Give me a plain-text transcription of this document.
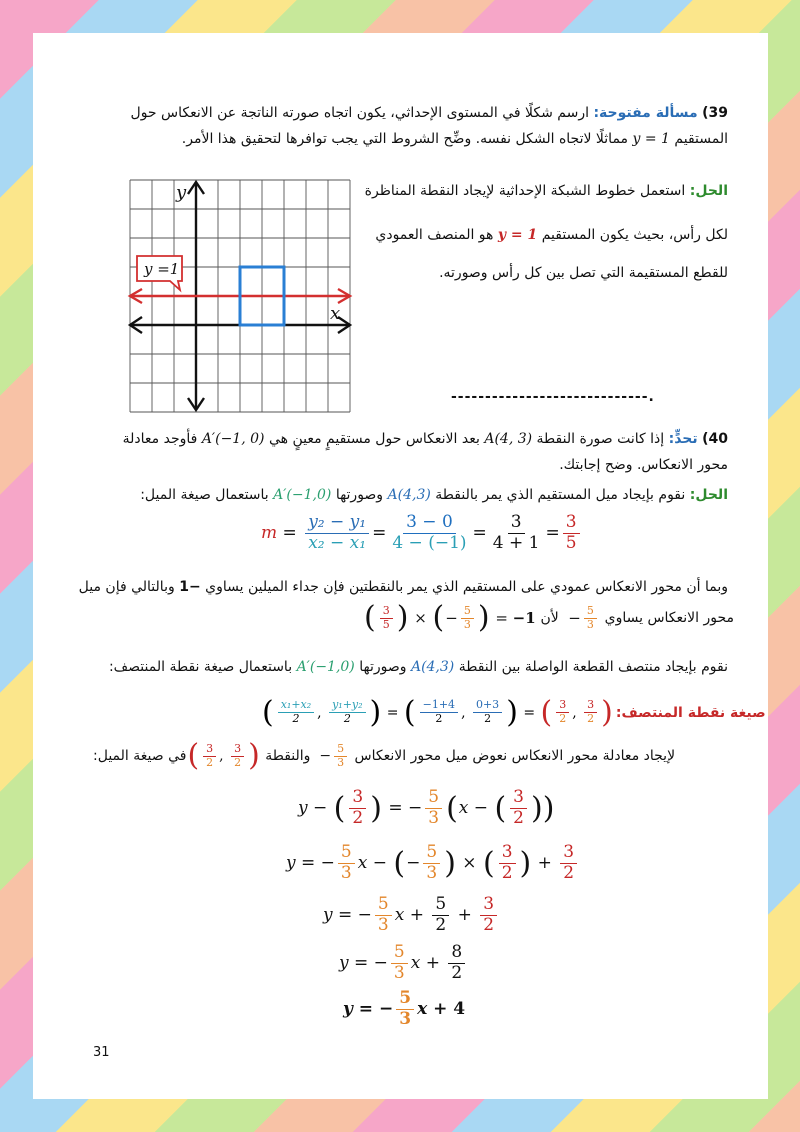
39) مسألة مفتوحة: ارسم شكلًا في المستوى الإحداثي، يكون اتجاه صورته الناتجة عن الانعكاس حول
المستقيم y = 1 مماثلًا لاتجاه الشكل نفسه. وضِّح الشروط التي يجب توافرها لتحقيق هذا الأمر.
y =1
y
x
الحل: استعمل خطوط الشبكة الإحداثية لإيجاد النقطة المناظرة
لكل رأس، بحيث يكون المستقيم y = 1 هو المنصف العمودي
للقطع المستقيمة التي تصل بين كل رأس وصورته.
-----------------------------.
40) تحدٍّ: إذا كانت صورة النقطة A(4, 3) بعد الانعكاس حول مستقيمٍ معينٍ هي A′(−1, 0) فأوجد معادلة
محور الانعكاس. وضح إجابتك.
الحل: نقوم بإيجاد ميل المستقيم الذي يمر بالنقطة A(4,3) وصورتها A′(−1,0) باستعمال صيغة الميل:
$m = \frac{\text{y₂ − y₁}}{\text{x₂ − x₁}} = \frac{3 - 0}{4 - (-1)} = \frac{3}{4 + 1} = \frac{3}{5}$
وبما أن محور الانعكاس عمودي على المستقيم الذي يمر بالنقطتين فإن جداء الميلين يساوي −1 وبالتالي فإن ميل
( $\frac{3}{5}$ ) × ( − $\frac{5}{3}$ ) = −1
لأن − $\frac{5}{3}$
محور الانعكاس يساوي
نقوم بإيجاد منتصف القطعة الواصلة بين النقطة A(4,3) وصورتها A′(−1,0) باستعمال صيغة نقطة المنتصف:
( $\frac{\text{x₁+x₂}}{2}$ , $\frac{\text{y₁+y₂}}{2}$ ) = ( $\frac{-1+4}{2}$ , $\frac{0+3}{2}$ ) = ( $\frac{3}{2}$ , $\frac{3}{2}$ ) صيغة نقطة المنتصف:
في صيغة الميل: ( $\frac{3}{2}$ , $\frac{3}{2}$ )
والنقطة − $\frac{5}{3}$
لإيجاد معادلة محور الانعكاس نعوض ميل محور الانعكاس
y − ( $\frac{3}{2}$ ) = − $\frac{5}{3}$ ( x − ( $\frac{3}{2}$ ))
y = − $\frac{5}{3}$ x − ( − $\frac{5}{3}$ ) × ( $\frac{3}{2}$ ) + $\frac{3}{2}$
y = − $\frac{5}{3}$ $x + \frac{5}{2} + \frac{3}{2}$
y = − $\frac{5}{3}$ $x + \frac{8}{2}$
y = − $\frac{5}{3}$ x + 4
31
